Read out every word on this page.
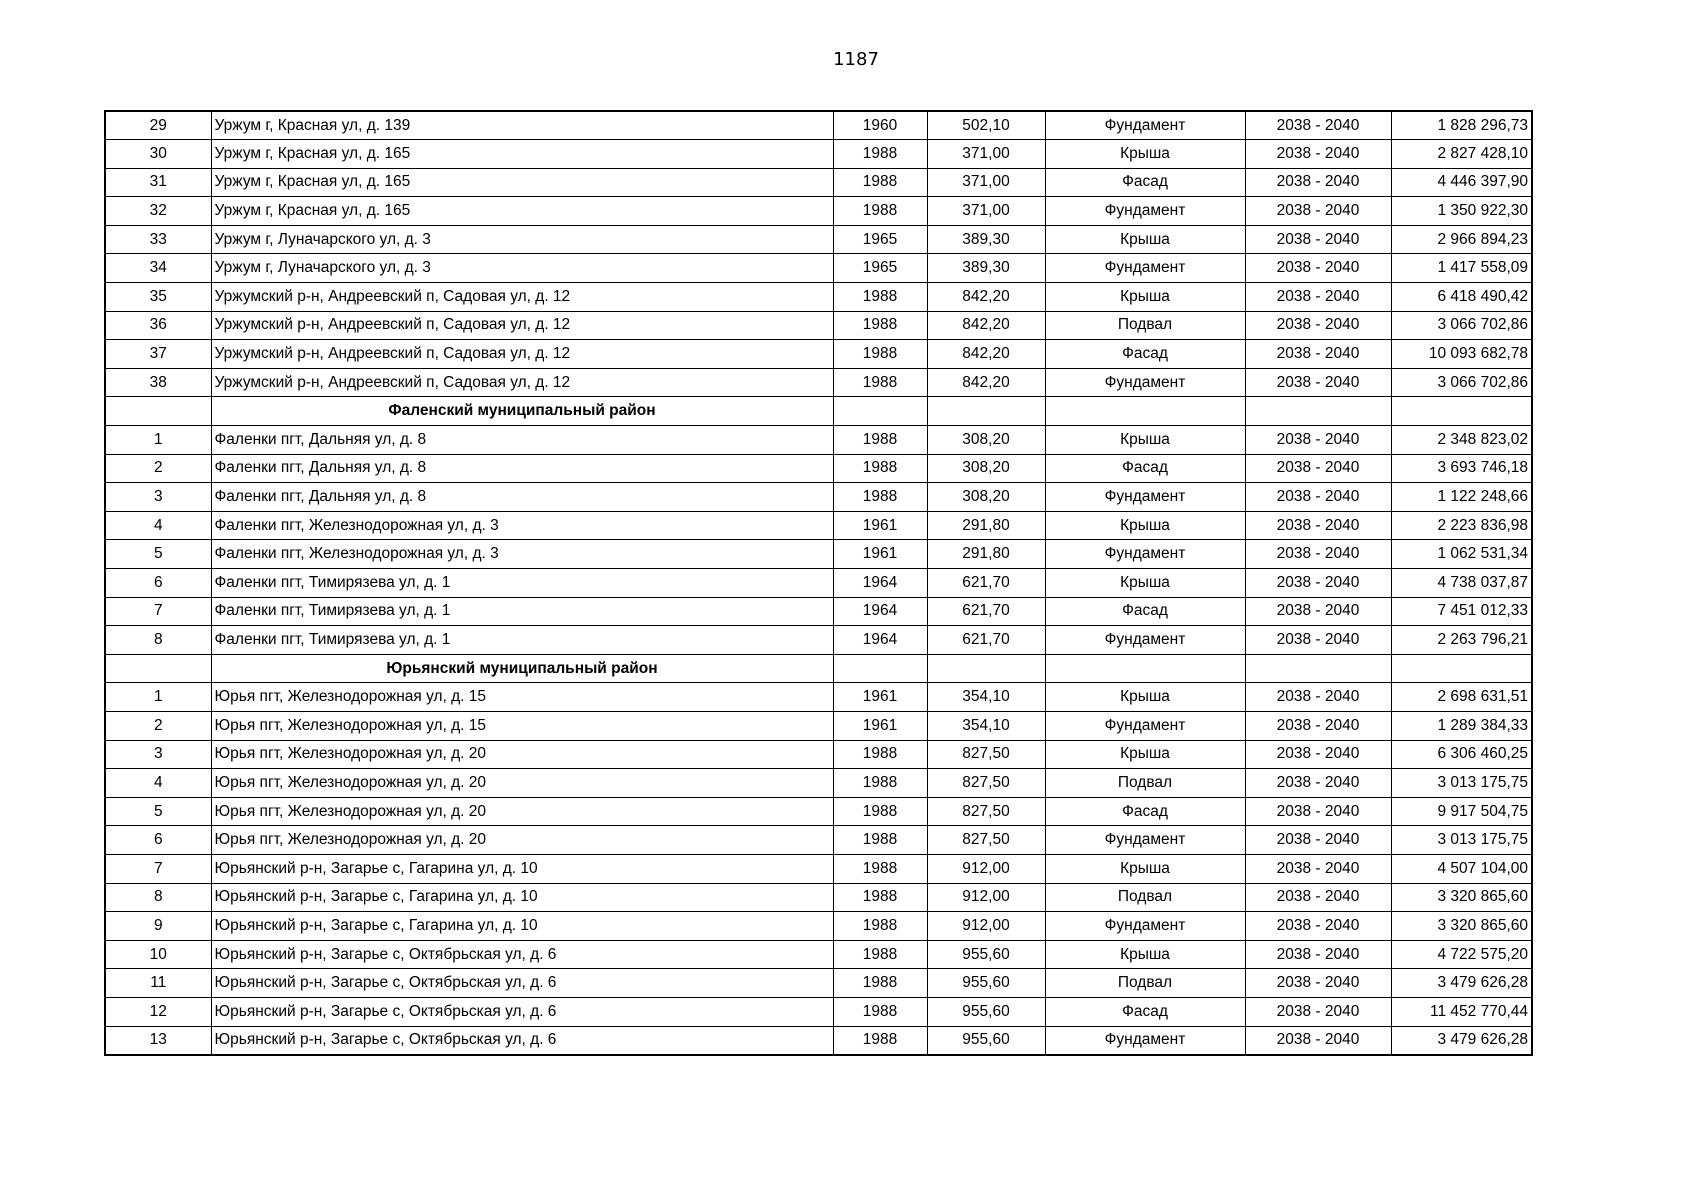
1187
29	Уржум г, Красная ул, д. 139	1960	502,10	Фундамент	2038 - 2040	1 828 296,73
30	Уржум г, Красная ул, д. 165	1988	371,00	Крыша	2038 - 2040	2 827 428,10
31	Уржум г, Красная ул, д. 165	1988	371,00	Фасад	2038 - 2040	4 446 397,90
32	Уржум г, Красная ул, д. 165	1988	371,00	Фундамент	2038 - 2040	1 350 922,30
33	Уржум г, Луначарского ул, д. 3	1965	389,30	Крыша	2038 - 2040	2 966 894,23
34	Уржум г, Луначарского ул, д. 3	1965	389,30	Фундамент	2038 - 2040	1 417 558,09
35	Уржумский р-н, Андреевский п, Садовая ул, д. 12	1988	842,20	Крыша	2038 - 2040	6 418 490,42
36	Уржумский р-н, Андреевский п, Садовая ул, д. 12	1988	842,20	Подвал	2038 - 2040	3 066 702,86
37	Уржумский р-н, Андреевский п, Садовая ул, д. 12	1988	842,20	Фасад	2038 - 2040	10 093 682,78
38	Уржумский р-н, Андреевский п, Садовая ул, д. 12	1988	842,20	Фундамент	2038 - 2040	3 066 702,86
	Фаленский муниципальный район					
1	Фаленки пгт, Дальняя ул, д. 8	1988	308,20	Крыша	2038 - 2040	2 348 823,02
2	Фаленки пгт, Дальняя ул, д. 8	1988	308,20	Фасад	2038 - 2040	3 693 746,18
3	Фаленки пгт, Дальняя ул, д. 8	1988	308,20	Фундамент	2038 - 2040	1 122 248,66
4	Фаленки пгт, Железнодорожная ул, д. 3	1961	291,80	Крыша	2038 - 2040	2 223 836,98
5	Фаленки пгт, Железнодорожная ул, д. 3	1961	291,80	Фундамент	2038 - 2040	1 062 531,34
6	Фаленки пгт, Тимирязева ул, д. 1	1964	621,70	Крыша	2038 - 2040	4 738 037,87
7	Фаленки пгт, Тимирязева ул, д. 1	1964	621,70	Фасад	2038 - 2040	7 451 012,33
8	Фаленки пгт, Тимирязева ул, д. 1	1964	621,70	Фундамент	2038 - 2040	2 263 796,21
	Юрьянский муниципальный район					
1	Юрья пгт, Железнодорожная ул, д. 15	1961	354,10	Крыша	2038 - 2040	2 698 631,51
2	Юрья пгт, Железнодорожная ул, д. 15	1961	354,10	Фундамент	2038 - 2040	1 289 384,33
3	Юрья пгт, Железнодорожная ул, д. 20	1988	827,50	Крыша	2038 - 2040	6 306 460,25
4	Юрья пгт, Железнодорожная ул, д. 20	1988	827,50	Подвал	2038 - 2040	3 013 175,75
5	Юрья пгт, Железнодорожная ул, д. 20	1988	827,50	Фасад	2038 - 2040	9 917 504,75
6	Юрья пгт, Железнодорожная ул, д. 20	1988	827,50	Фундамент	2038 - 2040	3 013 175,75
7	Юрьянский р-н, Загарье с, Гагарина ул, д. 10	1988	912,00	Крыша	2038 - 2040	4 507 104,00
8	Юрьянский р-н, Загарье с, Гагарина ул, д. 10	1988	912,00	Подвал	2038 - 2040	3 320 865,60
9	Юрьянский р-н, Загарье с, Гагарина ул, д. 10	1988	912,00	Фундамент	2038 - 2040	3 320 865,60
10	Юрьянский р-н, Загарье с, Октябрьская ул, д. 6	1988	955,60	Крыша	2038 - 2040	4 722 575,20
11	Юрьянский р-н, Загарье с, Октябрьская ул, д. 6	1988	955,60	Подвал	2038 - 2040	3 479 626,28
12	Юрьянский р-н, Загарье с, Октябрьская ул, д. 6	1988	955,60	Фасад	2038 - 2040	11 452 770,44
13	Юрьянский р-н, Загарье с, Октябрьская ул, д. 6	1988	955,60	Фундамент	2038 - 2040	3 479 626,28
